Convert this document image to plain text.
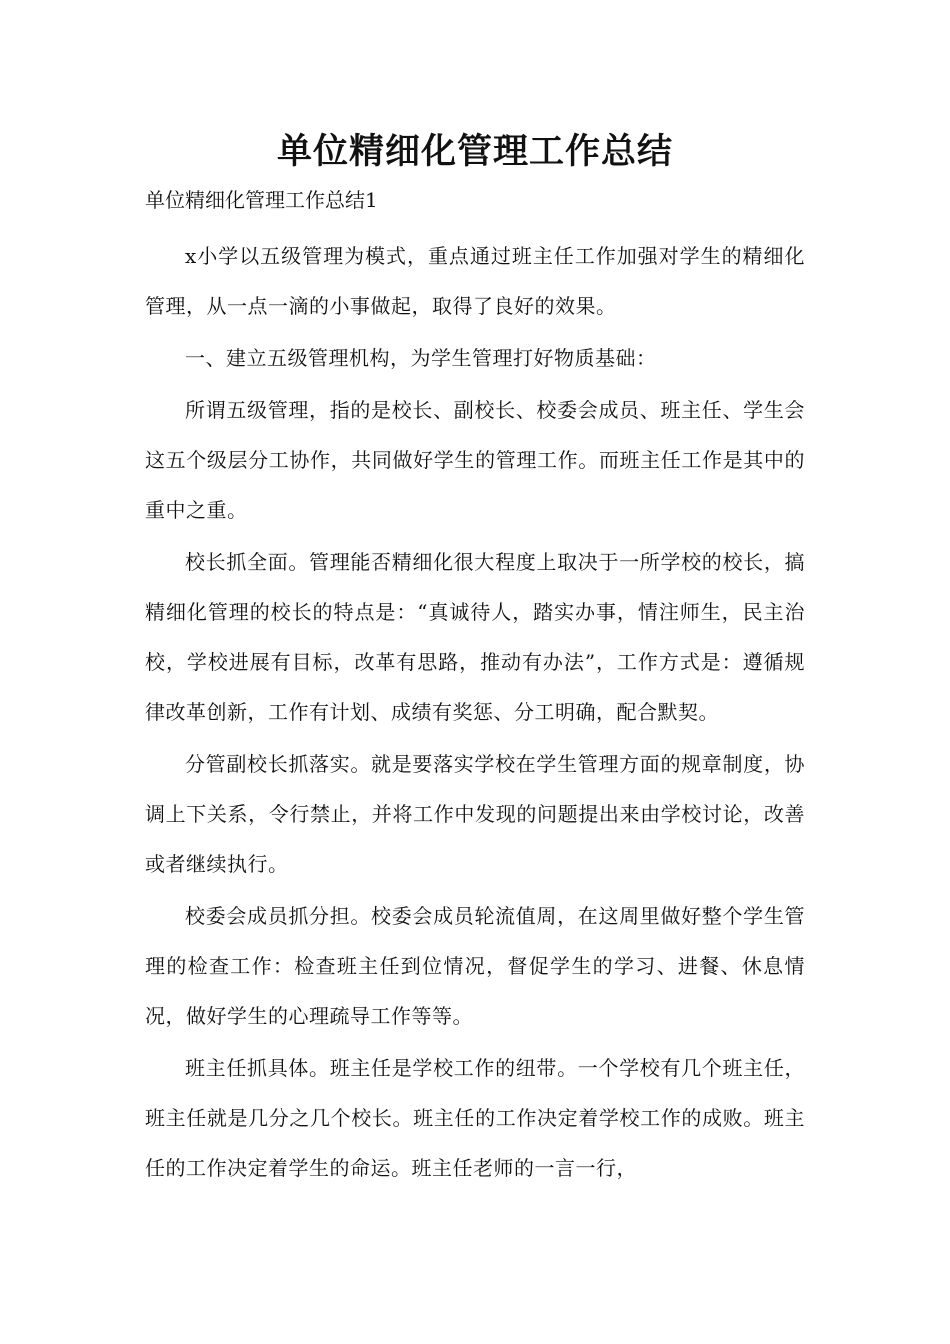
单位精细化管理工作总结

单位精细化管理工作总结1

x小学以五级管理为模式，重点通过班主任工作加强对学生的精细化管理，从一点一滴的小事做起，取得了良好的效果。

一、建立五级管理机构，为学生管理打好物质基础：

所谓五级管理，指的是校长、副校长、校委会成员、班主任、学生会这五个级层分工协作，共同做好学生的管理工作。而班主任工作是其中的重中之重。

校长抓全面。管理能否精细化很大程度上取决于一所学校的校长，搞精细化管理的校长的特点是：“真诚待人，踏实办事，情注师生，民主治校，学校进展有目标，改革有思路，推动有办法”，工作方式是：遵循规律改革创新，工作有计划、成绩有奖惩、分工明确，配合默契。

分管副校长抓落实。就是要落实学校在学生管理方面的规章制度，协调上下关系，令行禁止，并将工作中发现的问题提出来由学校讨论，改善或者继续执行。

校委会成员抓分担。校委会成员轮流值周，在这周里做好整个学生管理的检查工作：检查班主任到位情况，督促学生的学习、进餐、休息情况，做好学生的心理疏导工作等等。

班主任抓具体。班主任是学校工作的纽带。一个学校有几个班主任，班主任就是几分之几个校长。班主任的工作决定着学校工作的成败。班主任的工作决定着学生的命运。班主任老师的一言一行，
